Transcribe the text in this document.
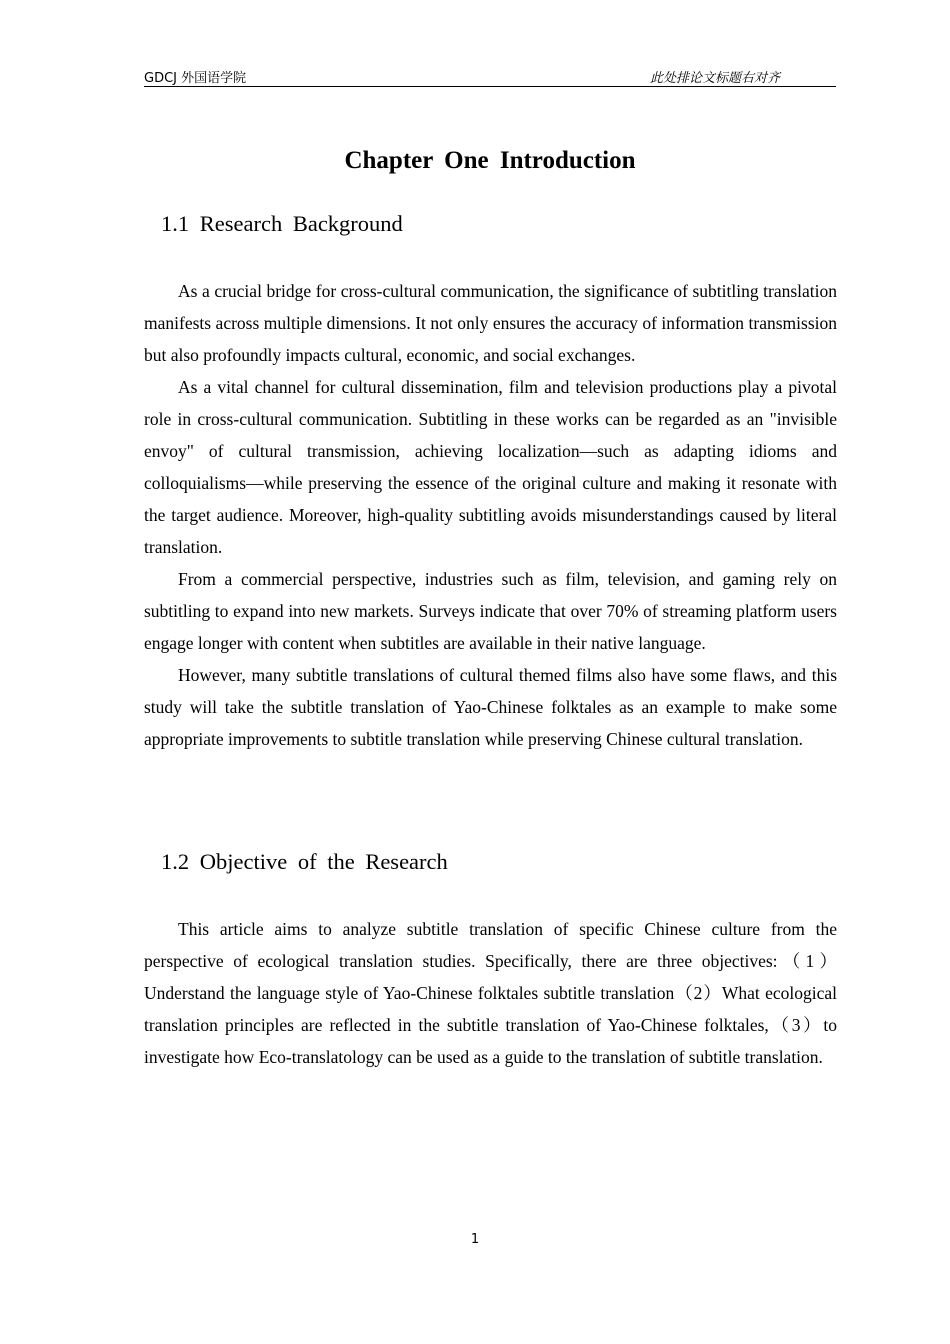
GDCJ 外国语学院	此处排论文标题右对齐
Chapter One Introduction
1.1 Research Background

As a crucial bridge for cross-cultural communication, the significance of subtitling translation manifests across multiple dimensions. It not only ensures the accuracy of information transmission but also profoundly impacts cultural, economic, and social exchanges.

As a vital channel for cultural dissemination, film and television productions play a pivotal role in cross-cultural communication. Subtitling in these works can be regarded as an "invisible envoy" of cultural transmission, achieving localization—such as adapting idioms and colloquialisms—while preserving the essence of the original culture and making it resonate with the target audience. Moreover, high-quality subtitling avoids misunderstandings caused by literal translation.

From a commercial perspective, industries such as film, television, and gaming rely on subtitling to expand into new markets. Surveys indicate that over 70% of streaming platform users engage longer with content when subtitles are available in their native language.

However, many subtitle translations of cultural themed films also have some flaws, and this study will take the subtitle translation of Yao-Chinese folktales as an example to make some appropriate improvements to subtitle translation while preserving Chinese cultural translation.

1.2 Objective of the Research

This article aims to analyze subtitle translation of specific Chinese culture from the perspective of ecological translation studies. Specifically, there are three objectives:（1）Understand the language style of Yao-Chinese folktales subtitle translation（2）What ecological translation principles are reflected in the subtitle translation of Yao-Chinese folktales,（3）to investigate how Eco-translatology can be used as a guide to the translation of subtitle translation.

1
